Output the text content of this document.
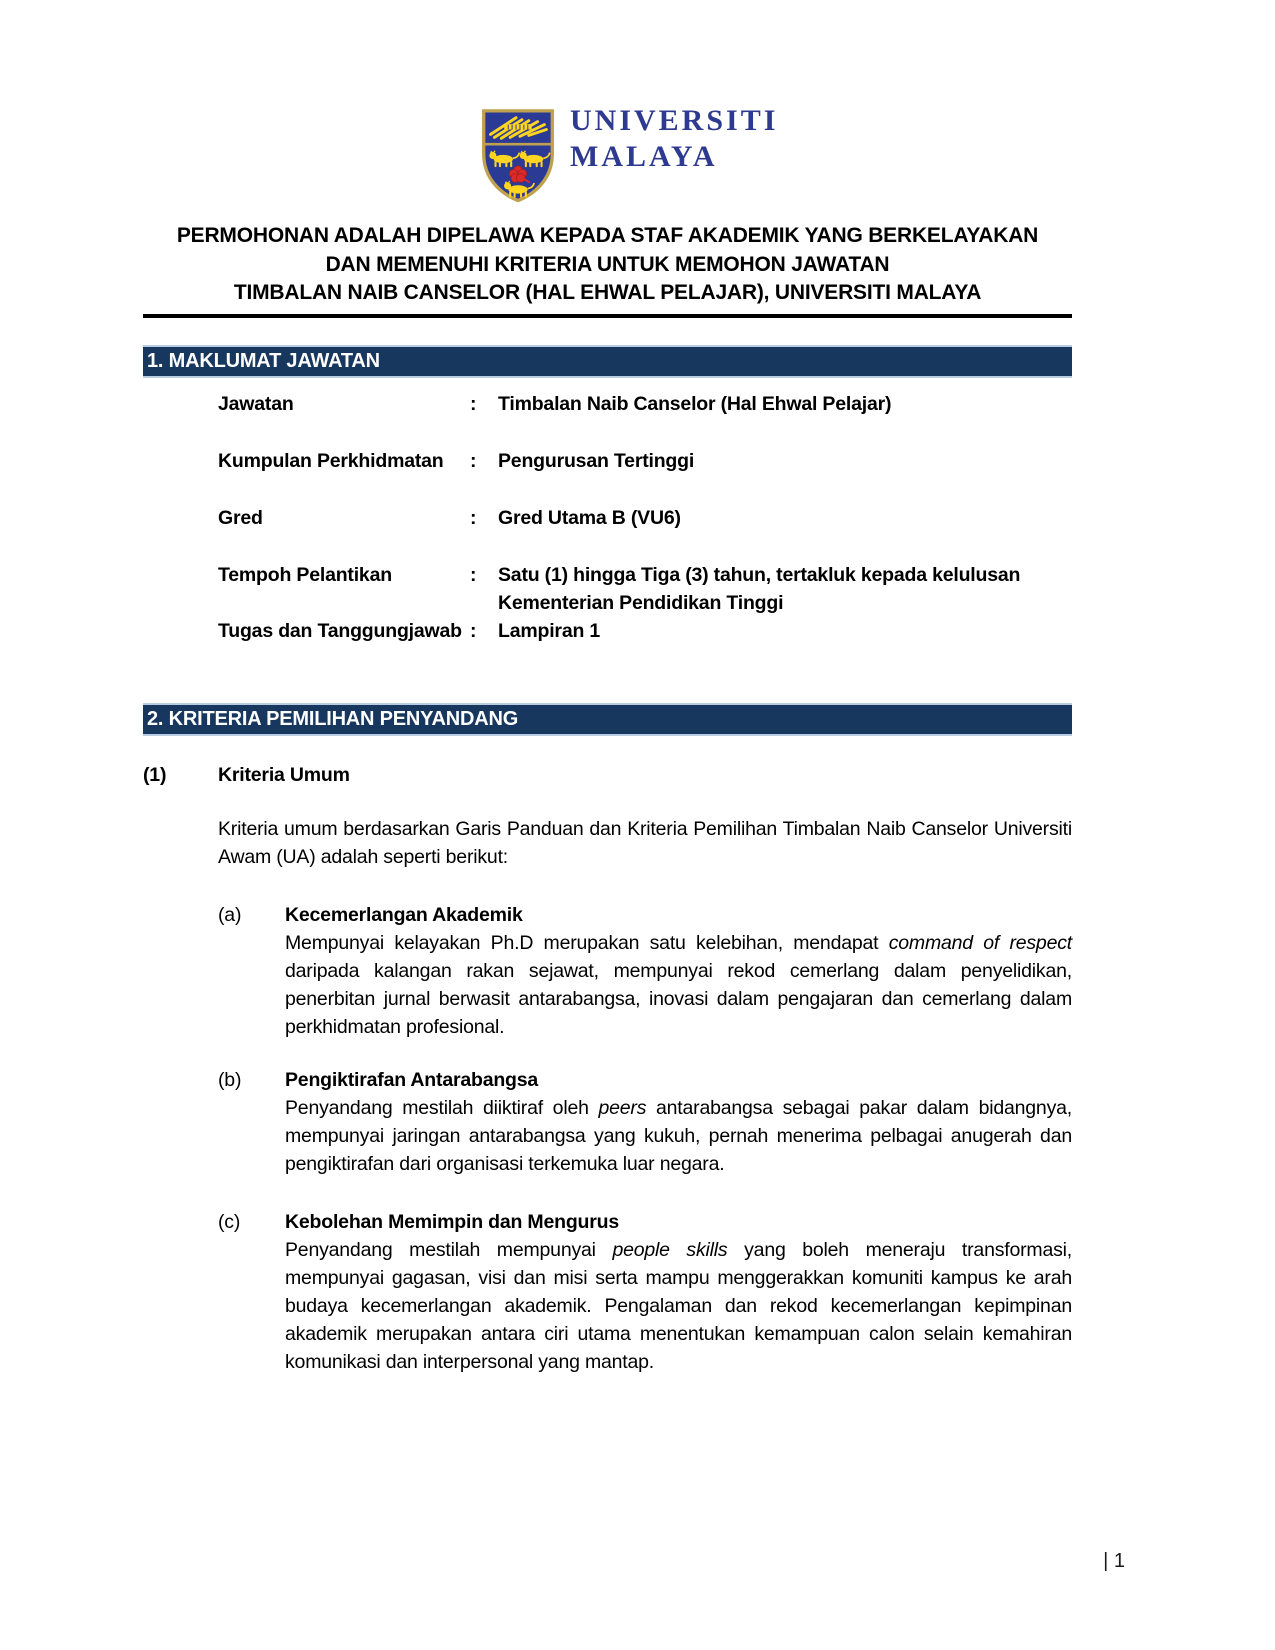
UNIVERSITI
MALAYA
PERMOHONAN ADALAH DIPELAWA KEPADA STAF AKADEMIK YANG BERKELAYAKAN
DAN MEMENUHI KRITERIA UNTUK MEMOHON JAWATAN
TIMBALAN NAIB CANSELOR (HAL EHWAL PELAJAR), UNIVERSITI MALAYA
1. MAKLUMAT JAWATAN
Jawatan	:	Timbalan Naib Canselor (Hal Ehwal Pelajar)
Kumpulan Perkhidmatan	:	Pengurusan Tertinggi
Gred	:	Gred Utama B (VU6)
Tempoh Pelantikan	:	Satu (1) hingga Tiga (3) tahun, tertakluk kepada kelulusan Kementerian Pendidikan Tinggi
Tugas dan Tanggungjawab :	Lampiran 1
2. KRITERIA PEMILIHAN PENYANDANG
(1)	Kriteria Umum
Kriteria umum berdasarkan Garis Panduan dan Kriteria Pemilihan Timbalan Naib Canselor Universiti Awam (UA) adalah seperti berikut:
(a)	Kecemerlangan Akademik
Mempunyai kelayakan Ph.D merupakan satu kelebihan, mendapat command of respect daripada kalangan rakan sejawat, mempunyai rekod cemerlang dalam penyelidikan, penerbitan jurnal berwasit antarabangsa, inovasi dalam pengajaran dan cemerlang dalam perkhidmatan profesional.
(b)	Pengiktirafan Antarabangsa
Penyandang mestilah diiktiraf oleh peers antarabangsa sebagai pakar dalam bidangnya, mempunyai jaringan antarabangsa yang kukuh, pernah menerima pelbagai anugerah dan pengiktirafan dari organisasi terkemuka luar negara.
(c)	Kebolehan Memimpin dan Mengurus
Penyandang mestilah mempunyai people skills yang boleh meneraju transformasi, mempunyai gagasan, visi dan misi serta mampu menggerakkan komuniti kampus ke arah budaya kecemerlangan akademik. Pengalaman dan rekod kecemerlangan kepimpinan akademik merupakan antara ciri utama menentukan kemampuan calon selain kemahiran komunikasi dan interpersonal yang mantap.
| 1
